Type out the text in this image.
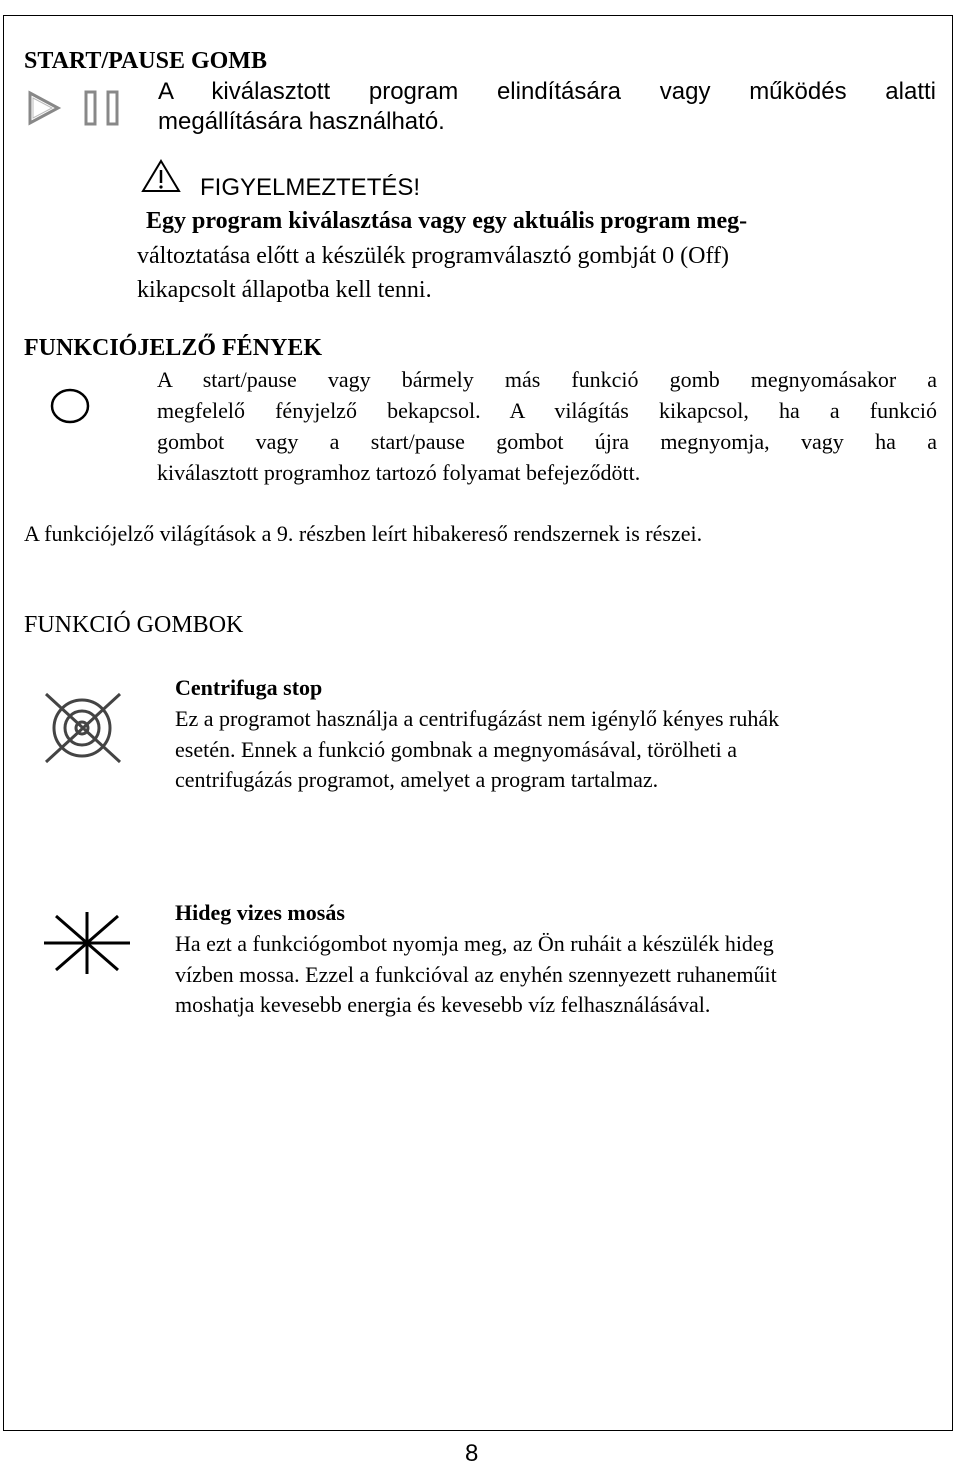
START/PAUSE GOMB
A kiválasztott program elindítására vagy működés alatti
megállítására használható.
FIGYELMEZTETÉS!
Egy program kiválasztása vagy egy aktuális program meg-
változtatása előtt a készülék programválasztó gombját 0 (Off)
kikapcsolt állapotba kell tenni.
FUNKCIÓJELZŐ FÉNYEK
A start/pause vagy bármely más funkció gomb megnyomásakor a
megfelelő fényjelző bekapcsol. A világítás kikapcsol, ha a funkció
gombot vagy a start/pause gombot újra megnyomja, vagy ha a
kiválasztott programhoz tartozó folyamat befejeződött.
A funkciójelző világítások a 9. részben leírt hibakereső rendszernek is részei.
FUNKCIÓ GOMBOK
Centrifuga stop
Ez a programot használja a centrifugázást nem igénylő kényes ruhák
esetén. Ennek a funkció gombnak a megnyomásával, törölheti a
centrifugázás programot, amelyet a program tartalmaz.
Hideg vizes mosás
Ha ezt a funkciógombot nyomja meg, az Ön ruháit a készülék hideg
vízben mossa. Ezzel a funkcióval az enyhén szennyezett ruhaneműit
moshatja kevesebb energia és kevesebb víz felhasználásával.
8
